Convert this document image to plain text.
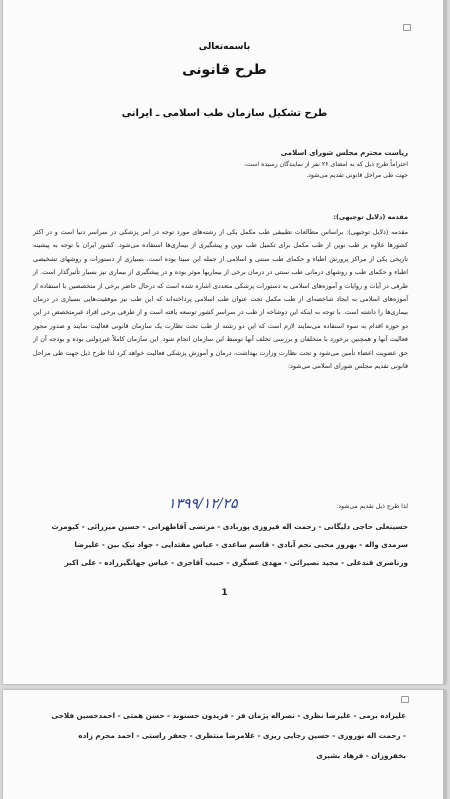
باسمه‌تعالی
طرح قانونی
طرح تشکیل سازمان طب اسلامی ـ ایرانی
ریاست محترم مجلس شورای اسلامی
احتراماً طرح ذیل که به امضای ۲۶ نفر از نمایندگان رسیده است،
جهت طی مراحل قانونی تقدیم می‌شود.
مقدمه (دلایل توجیهی):
مقدمه (دلایل توجیهی): براساس مطالعات تطبیقی طب مکمل یکی از رشته‌های مورد توجه در امر پزشکی در سراسر دنیا است و در اکثر کشورها علاوه بر طب نوین از طب مکمل برای تکمیل طب نوین و پیشگیری از بیماری‌ها استفاده می‌شود. کشور ایران با توجه به پیشینه تاریخی یکی از مراکز پرورش اطباء و حکمای طب سنتی و اسلامی از جمله ابن سینا بوده است. بسیاری از دستورات و روشهای تشخیصی اطباء و حکمای طب و روشهای درمانی طب سنتی در درمان برخی از بیماریها موثر بوده و در پیشگیری از بیماری نیز بسیار تأثیرگذار است. از طرفی در آیات و روایات و آموزه‌های اسلامی به دستورات پزشکی متعددی اشاره شده است که درحال حاضر برخی از متخصصین با استفاده از آموزه‌های اسلامی به ایجاد شاخصه‌ای از طب مکمل تحت عنوان طب اسلامی پرداخته‌اند که این طب نیز موفقیت‌هایی بسیاری در درمان بیماری‌ها را داشته است. با توجه به اینکه این دوشاخه از طب در سراسر کشور توسعه یافته است و از طرفی برخی افراد غیرمتخصص در این دو حوزه اقدام به سوء استفاده می‌نمایند لازم است که این دو رشته از طب تحت نظارت یک سازمان قانونی فعالیت نمایند و صدور مجوز فعالیت آنها و همچنین برخورد با متخلفان و بررسی تخلف آنها توسط این سازمان انجام شود. این سازمان کاملاً غیردولتی بوده و بودجه آن از حق عضویت اعضاء تأمین می‌شود و تحت نظارت وزارت بهداشت، درمان و آموزش پزشکی فعالیت خواهد کرد لذا طرح ذیل جهت طی مراحل قانونی تقدیم مجلس شورای اسلامی می‌شود:
۱۳۹۹/۱۲/۲۵	لذا طرح ذیل تقدیم می‌شود:
حسینعلی حاجی دلیگانی - رحمت اله فیروزی پوربادی - مرتضی آقاطهرانی - حسین میرزائی - کیومرث
سرمدی واله - بهروز محبی نجم آبادی - قاسم ساعدی - عباس مقتدایی - جواد نیک بین - علیرضا
ورناصری قندعلی - مجید نصیرائی - مهدی عسگری - حبیب آقاجری - عباس جهانگیرزاده - علی اکبر
1
علیزاده برمی - علیرضا نظری - نصراله پژمان فر - فریدون حسنوند - حسن همتی - احمدحسین فلاحی
- رحمت اله نوروزی - حسین رجایی ریزی - غلامرضا منتظری - جعفر راستی - احمد محرم زاده
بخفروزان - فرهاد بشیری
